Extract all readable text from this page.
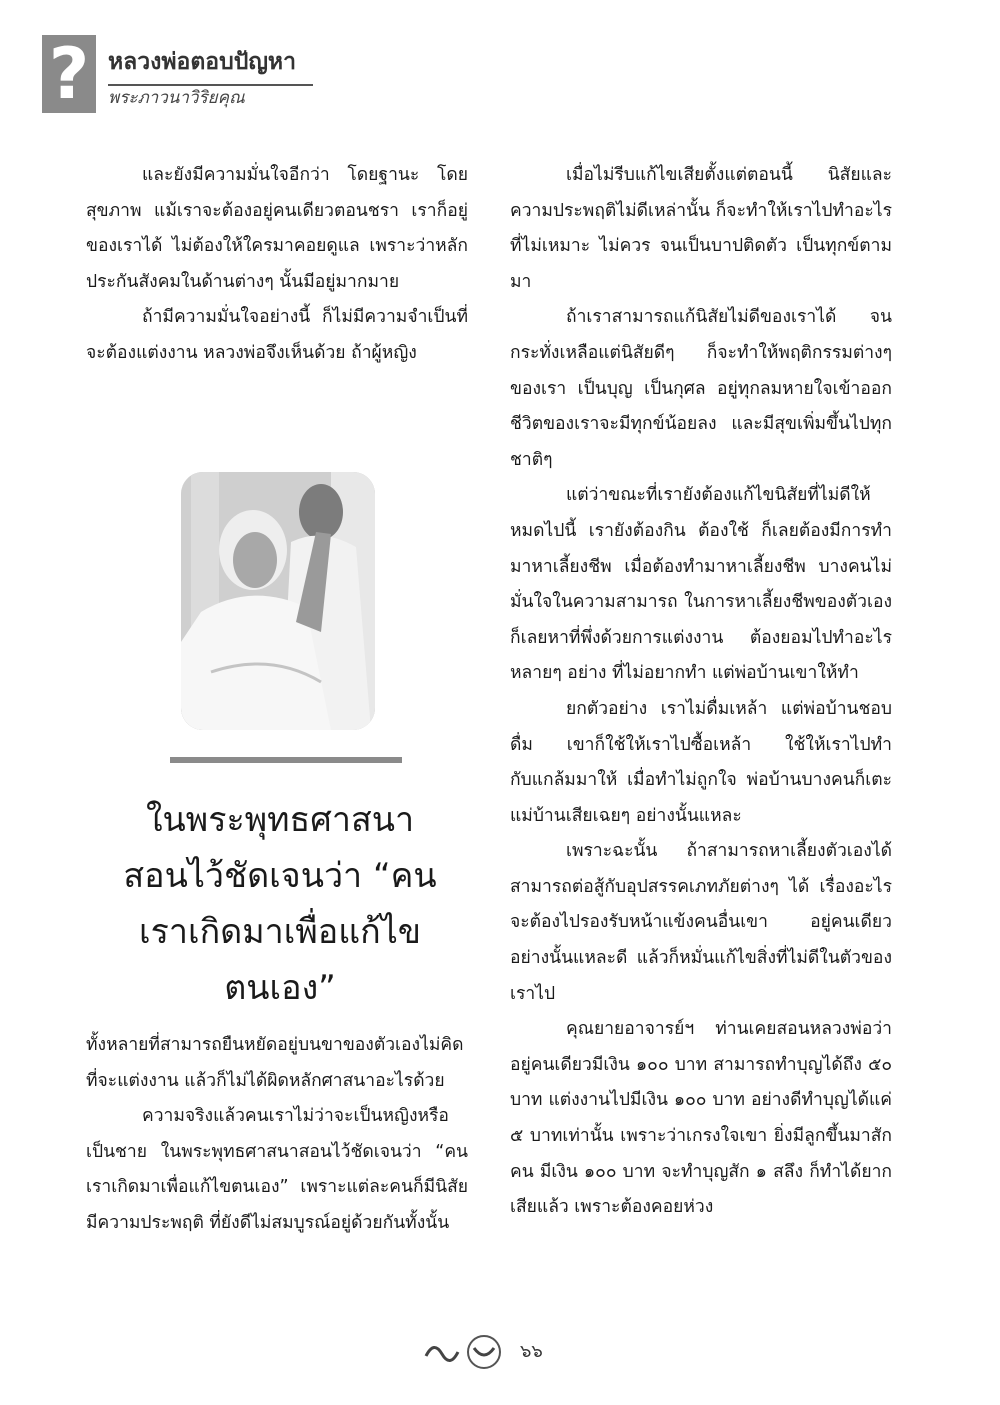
? หลวงพ่อตอบปัญหา
พระภาวนาวิริยคุณ

และยังมีความมั่นใจอีกว่า โดยฐานะ โดยสุขภาพ แม้เราจะต้องอยู่คนเดียวตอนชรา เราก็อยู่ของเราได้ ไม่ต้องให้ใครมาคอยดูแล เพราะว่าหลักประกันสังคมในด้านต่างๆ นั้นมีอยู่มากมาย

ถ้ามีความมั่นใจอย่างนี้ ก็ไม่มีความจำเป็นที่จะต้องแต่งงาน หลวงพ่อจึงเห็นด้วย ถ้าผู้หญิง

ในพระพุทธศาสนาสอนไว้ชัดเจนว่า “คนเราเกิดมาเพื่อแก้ไขตนเอง”

ทั้งหลายที่สามารถยืนหยัดอยู่บนขาของตัวเองไม่คิดที่จะแต่งงาน แล้วก็ไม่ได้ผิดหลักศาสนาอะไรด้วย

ความจริงแล้วคนเราไม่ว่าจะเป็นหญิงหรือเป็นชาย ในพระพุทธศาสนาสอนไว้ชัดเจนว่า “คนเราเกิดมาเพื่อแก้ไขตนเอง” เพราะแต่ละคนก็มีนิสัย มีความประพฤติ ที่ยังดีไม่สมบูรณ์อยู่ด้วยกันทั้งนั้น

เมื่อไม่รีบแก้ไขเสียตั้งแต่ตอนนี้ นิสัยและความประพฤติไม่ดีเหล่านั้น ก็จะทำให้เราไปทำอะไรที่ไม่เหมาะ ไม่ควร จนเป็นบาปติดตัว เป็นทุกข์ตามมา

ถ้าเราสามารถแก้นิสัยไม่ดีของเราได้ จนกระทั่งเหลือแต่นิสัยดีๆ ก็จะทำให้พฤติกรรมต่างๆ ของเรา เป็นบุญ เป็นกุศล อยู่ทุกลมหายใจเข้าออก ชีวิตของเราจะมีทุกข์น้อยลง และมีสุขเพิ่มขึ้นไปทุกชาติๆ

แต่ว่าขณะที่เรายังต้องแก้ไขนิสัยที่ไม่ดีให้หมดไปนี้ เรายังต้องกิน ต้องใช้ ก็เลยต้องมีการทำมาหาเลี้ยงชีพ เมื่อต้องทำมาหาเลี้ยงชีพ บางคนไม่มั่นใจในความสามารถ ในการหาเลี้ยงชีพของตัวเอง ก็เลยหาที่พึ่งด้วยการแต่งงาน ต้องยอมไปทำอะไรหลายๆ อย่าง ที่ไม่อยากทำ แต่พ่อบ้านเขาให้ทำ

ยกตัวอย่าง เราไม่ดื่มเหล้า แต่พ่อบ้านชอบดื่ม เขาก็ใช้ให้เราไปซื้อเหล้า ใช้ให้เราไปทำกับแกล้มมาให้ เมื่อทำไม่ถูกใจ พ่อบ้านบางคนก็เตะแม่บ้านเสียเฉยๆ อย่างนั้นแหละ

เพราะฉะนั้น ถ้าสามารถหาเลี้ยงตัวเองได้ สามารถต่อสู้กับอุปสรรคเภทภัยต่างๆ ได้ เรื่องอะไรจะต้องไปรองรับหน้าแข้งคนอื่นเขา อยู่คนเดียวอย่างนั้นแหละดี แล้วก็หมั่นแก้ไขสิ่งที่ไม่ดีในตัวของเราไป

คุณยายอาจารย์ฯ ท่านเคยสอนหลวงพ่อว่า อยู่คนเดียวมีเงิน ๑๐๐ บาท สามารถทำบุญได้ถึง ๕๐ บาท แต่งงานไปมีเงิน ๑๐๐ บาท อย่างดีทำบุญได้แค่ ๕ บาทเท่านั้น เพราะว่าเกรงใจเขา ยิ่งมีลูกขึ้นมาสักคน มีเงิน ๑๐๐ บาท จะทำบุญสัก ๑ สลึง ก็ทำได้ยากเสียแล้ว เพราะต้องคอยห่วง

๖๖
